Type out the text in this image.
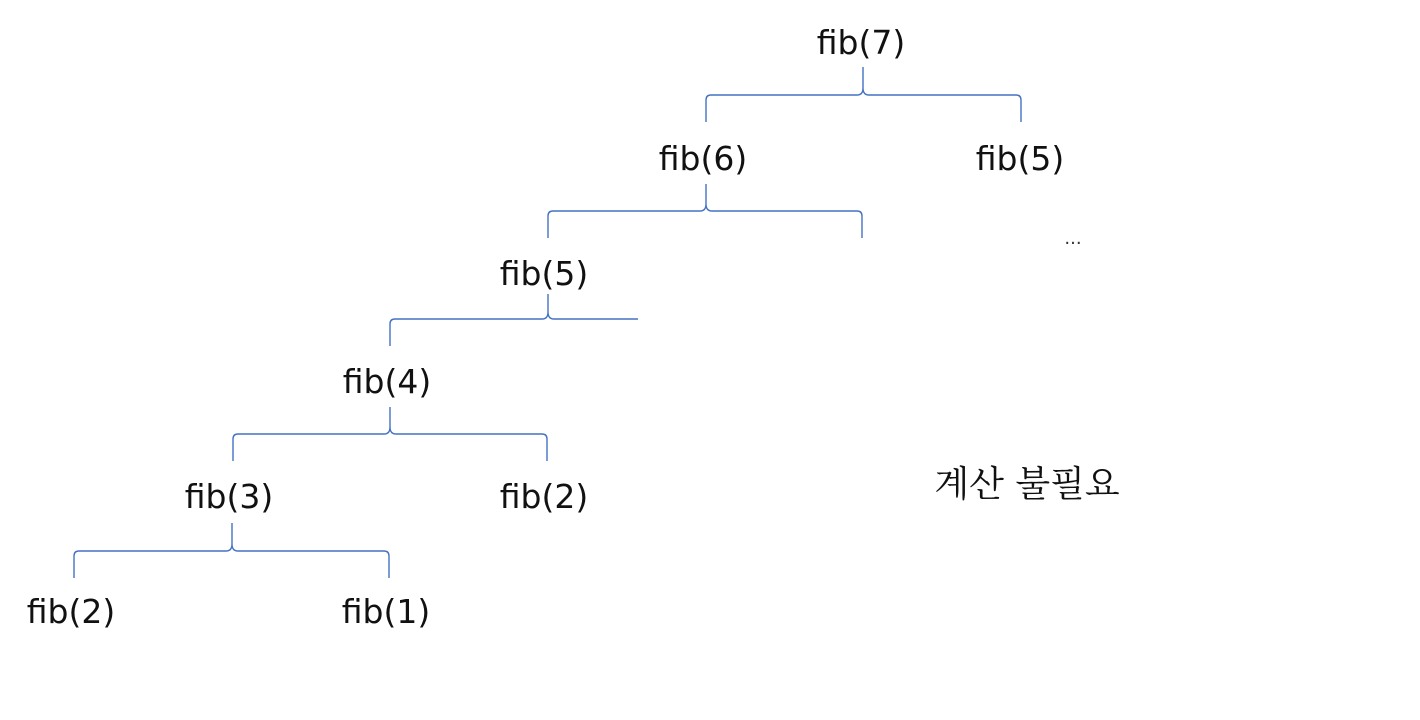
fib(7)
fib(6)	fib(5)
fib(5)
fib(4)
fib(3)	fib(2)
fib(2)	fib(1)
...
계산 불필요
